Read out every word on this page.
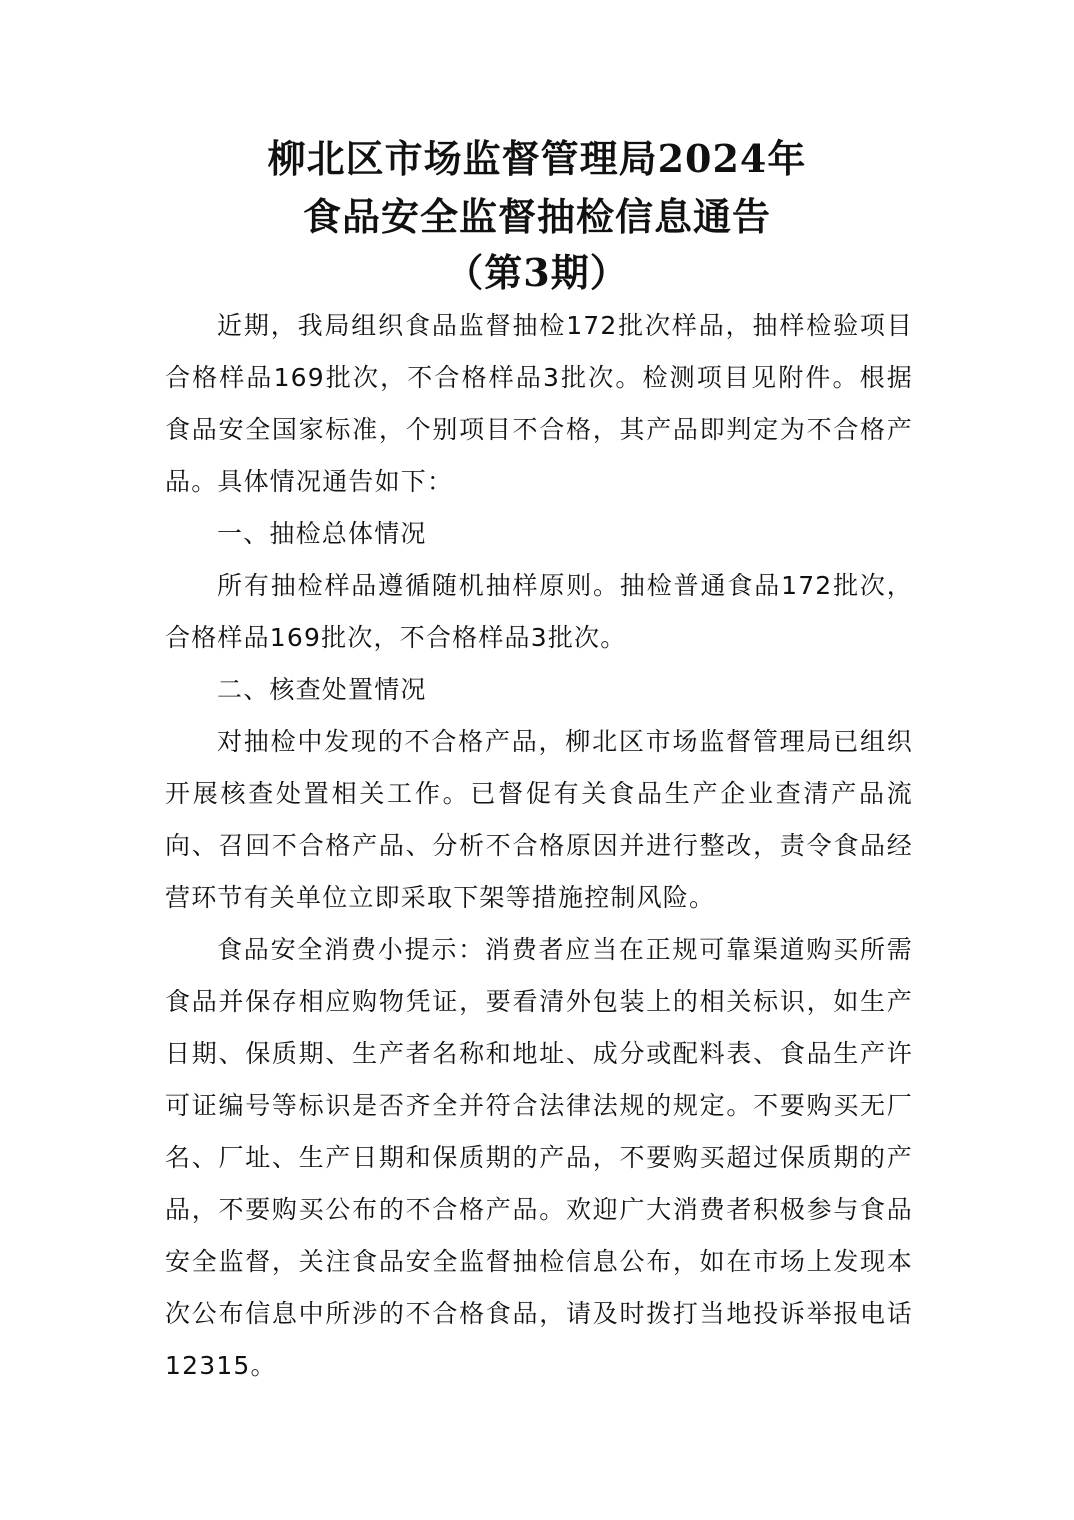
柳北区市场监督管理局2024年
食品安全监督抽检信息通告
（第3期）

近期，我局组织食品监督抽检172批次样品，抽样检验项目合格样品169批次，不合格样品3批次。检测项目见附件。根据食品安全国家标准，个别项目不合格，其产品即判定为不合格产品。具体情况通告如下：

一、抽检总体情况

所有抽检样品遵循随机抽样原则。抽检普通食品172批次，合格样品169批次，不合格样品3批次。

二、核查处置情况

对抽检中发现的不合格产品，柳北区市场监督管理局已组织开展核查处置相关工作。已督促有关食品生产企业查清产品流向、召回不合格产品、分析不合格原因并进行整改，责令食品经营环节有关单位立即采取下架等措施控制风险。

食品安全消费小提示：消费者应当在正规可靠渠道购买所需食品并保存相应购物凭证，要看清外包装上的相关标识，如生产日期、保质期、生产者名称和地址、成分或配料表、食品生产许可证编号等标识是否齐全并符合法律法规的规定。不要购买无厂名、厂址、生产日期和保质期的产品，不要购买超过保质期的产品，不要购买公布的不合格产品。欢迎广大消费者积极参与食品安全监督，关注食品安全监督抽检信息公布，如在市场上发现本次公布信息中所涉的不合格食品，请及时拨打当地投诉举报电话12315。
